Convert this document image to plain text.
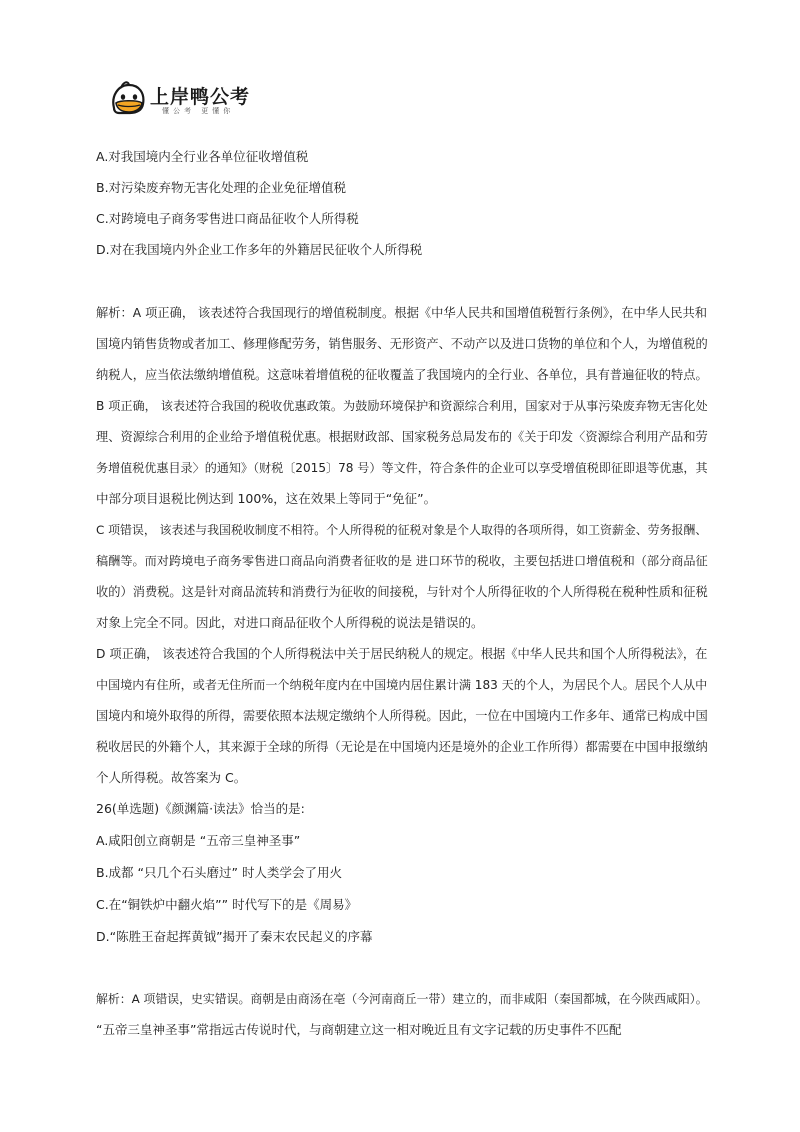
上岸鸭公考
懂公考 更懂你
A.对我国境内全行业各单位征收增值税
B.对污染废弃物无害化处理的企业免征增值税
C.对跨境电子商务零售进口商品征收个人所得税
D.对在我国境内外企业工作多年的外籍居民征收个人所得税
解析：A 项正确， 该表述符合我国现行的增值税制度。根据《中华人民共和国增值税暂行条例》，在中华人民共和
国境内销售货物或者加工、修理修配劳务，销售服务、无形资产、不动产以及进口货物的单位和个人，为增值税的
纳税人，应当依法缴纳增值税。这意味着增值税的征收覆盖了我国境内的全行业、各单位，具有普遍征收的特点。
B 项正确， 该表述符合我国的税收优惠政策。为鼓励环境保护和资源综合利用，国家对于从事污染废弃物无害化处
理、资源综合利用的企业给予增值税优惠。根据财政部、国家税务总局发布的《关于印发〈资源综合利用产品和劳
务增值税优惠目录〉的通知》（财税〔2015〕78 号）等文件，符合条件的企业可以享受增值税即征即退等优惠，其
中部分项目退税比例达到 100%，这在效果上等同于“免征”。
C 项错误， 该表述与我国税收制度不相符。个人所得税的征税对象是个人取得的各项所得，如工资薪金、劳务报酬、
稿酬等。而对跨境电子商务零售进口商品向消费者征收的是 进口环节的税收，主要包括进口增值税和（部分商品征
收的）消费税。这是针对商品流转和消费行为征收的间接税，与针对个人所得征收的个人所得税在税种性质和征税
对象上完全不同。因此，对进口商品征收个人所得税的说法是错误的。
D 项正确， 该表述符合我国的个人所得税法中关于居民纳税人的规定。根据《中华人民共和国个人所得税法》，在
中国境内有住所，或者无住所而一个纳税年度内在中国境内居住累计满 183 天的个人，为居民个人。居民个人从中
国境内和境外取得的所得，需要依照本法规定缴纳个人所得税。因此，一位在中国境内工作多年、通常已构成中国
税收居民的外籍个人，其来源于全球的所得（无论是在中国境内还是境外的企业工作所得）都需要在中国申报缴纳
个人所得税。故答案为 C。
26(单选题)《颜渊篇·读法》恰当的是:
A.咸阳创立商朝是 “五帝三皇神圣事”
B.成都 “只几个石头磨过” 时人类学会了用火
C.在“铜铁炉中翻火焰”” 时代写下的是《周易》
D.“陈胜王奋起挥黄钺”揭开了秦末农民起义的序幕
解析：A 项错误，史实错误。商朝是由商汤在亳（今河南商丘一带）建立的，而非咸阳（秦国都城，在今陕西咸阳）。
“五帝三皇神圣事”常指远古传说时代，与商朝建立这一相对晚近且有文字记载的历史事件不匹配
